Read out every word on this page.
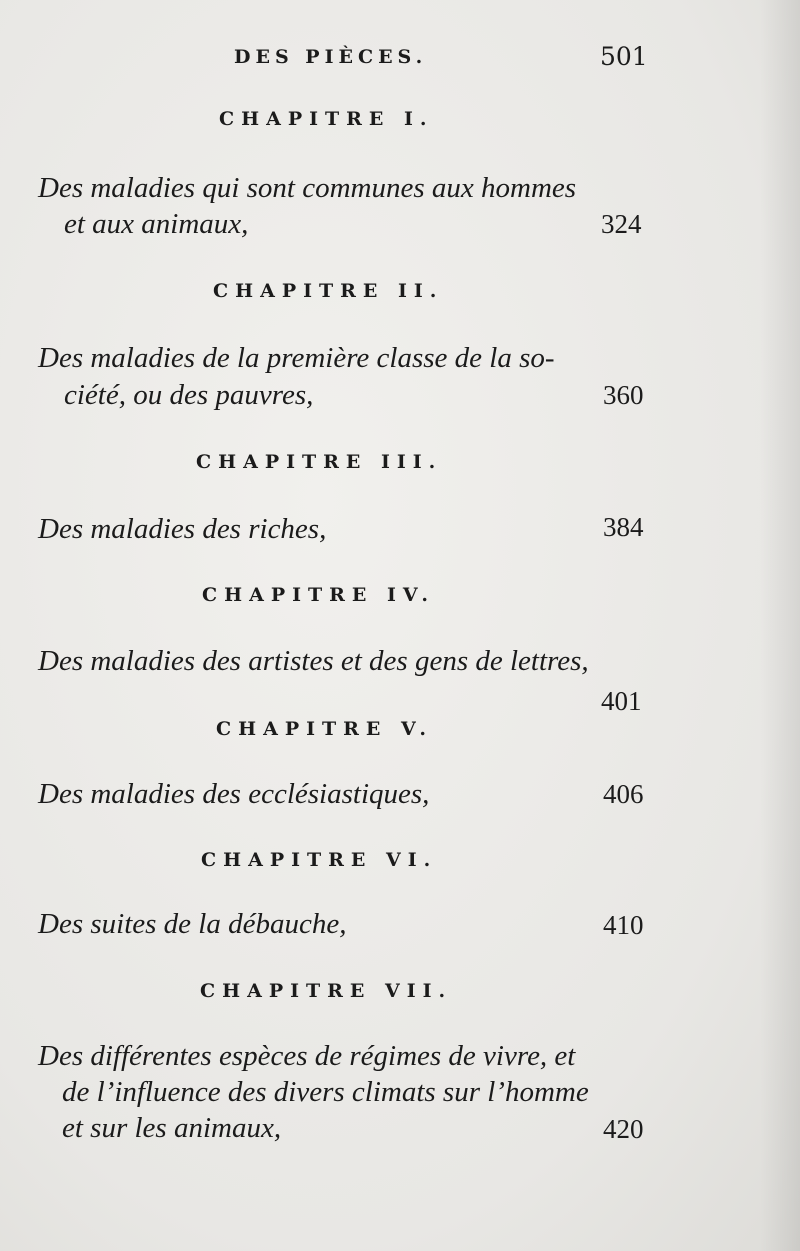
DES PIÈCES.	501
CHAPITRE I.
Des maladies qui sont communes aux hommes
et aux animaux,	324
CHAPITRE II.
Des maladies de la première classe de la so-
ciété, ou des pauvres,	360
CHAPITRE III.
Des maladies des riches,	384
CHAPITRE IV.
Des maladies des artistes et des gens de lettres,
401
CHAPITRE V.
Des maladies des ecclésiastiques,	406
CHAPITRE VI.
Des suites de la débauche,	410
CHAPITRE VII.
Des différentes espèces de régimes de vivre, et
de l’influence des divers climats sur l’homme
et sur les animaux,	420
